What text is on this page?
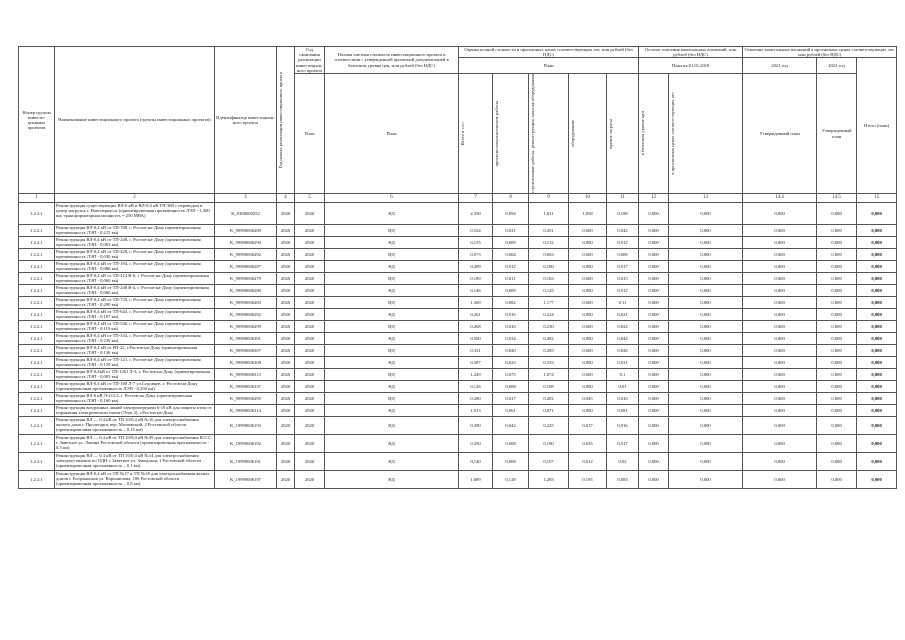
Номер группы инвести-ционных проектов	Наименование инвестиционного проекта (группы инвестиционных проектов)	Идентификатор инвестицион-ного проекта	Год начала реализации инвестиционного проекта	Год окончания реализации инвестицион-ного проекта	Полная сметная стоимость инвестиционного проекта в соответствии с утвержденной проектной документацией в базисном уровне цен, млн рублей (без НДС)	Оценка полной стоимости в прогнозных ценах соответствующих лет, млн рублей (без НДС)					Остаток освоения капитальных вложений, млн рублей (без НДС)		Освоение капитальных вложений в прогнозных ценах соответствующих лет, млн рублей (без НДС)		
						План					План на 01.01.2018		2021 год	2022 год	Итого (план)
				План	План	Всего в т.ч.:	проектно-изыскательские работы	строительные работы, реконструкция, монтаж оборудования	оборудование	прочие затраты	в базисном уровне цен	в прогнозных ценах соответствующих лет	Утвержденный план	Утвержденный план	
1	2	3	4	5	6	7	8	9	10	11	12	13	14.4	14.5	15
1.2.2.1	Реконструкция существующих ВЛ-6 кВ и ВЛ-0,4 кВ ТП-389 с переводом в центр нагрузок г. Новочеркасск (ориентировочная протяженность ЛЭП - 1,300 км; трансформаторная мощность = 250 МВА)	K_0300000252	2020	2020	НД	2,350	0,094	1,011	1,058	0,188	0,000	0,000	0,000	0,000	0,000
1.2.2.1	Реконструкция ВЛ-0,4 кВ от ТП-788, г. Ростов-на-Дону (ориентировочная протяженность ЛЭП - 0,215 км)	K_99990006289	2020	2020	НД	0,524	0,031	0,451	0,000	0,042	0,000	0,000	0,000	0,000	0,000
1.2.2.1	Реконструкция ВЛ-0,4 кВ от ТП-248, г. Ростов-на-Дону (ориентировочная протяженность ЛЭП - 0,063 км)	K_99990006290	2020	2020	НД	0,155	0,009	0,132	0,000	0,012	0,000	0,000	0,000	0,000	0,000
1.2.2.1	Реконструкция ВЛ-0,4 кВ от ТП-428, г. Ростов-на-Дону (ориентировочная протяженность ЛЭП - 0,030 км)	K_99990006292	2020	2020	НД	0,073	0,004	0,063	0,000	0,006	0,000	0,000	0,000	0,000	0,000
1.2.2.1	Реконструкция ВЛ-0,4 кВ от ТП-194, г. Ростов-на-Дону (ориентировочная протяженность ЛЭП - 0,086 км)	K_99990006287	2020	2020	НД	0,209	0,012	0,180	0,000	0,017	0,000	0,000	0,000	0,000	0,000
1.2.2.1	Реконструкция ВЛ-0,4 кВ от ТП-414 В-6, г. Ростов-на-Дону (ориентировочная протяженность ЛЭП - 0,060 км)	K_99990006279	2020	2020	НД	0,189	0,011	0,163	0,000	0,015	0,000	0,000	0,000	0,000	0,000
1.2.2.1	Реконструкция ВЛ-0,4 кВ от ТП-248 В-4, г. Ростов-на-Дону (ориентировочная протяженность ЛЭП - 0,060 км)	K_99990006280	2020	2020	НД	0,146	0,009	0,125	0,000	0,012	0,000	0,000	0,000	0,000	0,000
1.2.2.1	Реконструкция ВЛ-0,4 кВ от ТП-735, г. Ростов-на-Дону (ориентировочная протяженность ЛЭП - 0,290 км)	K_99990006283	2020	2020	НД	1,369	0,082	1,177	0,000	0,11	0,000	0,000	0,000	0,000	0,000
1.2.2.1	Реконструкция ВЛ-0,4 кВ от ТП-643, г. Ростов-на-Дону (ориентировочная протяженность ЛЭП - 0,107 км)	K_99990006282	2020	2020	НД	0,261	0,016	0,224	0,000	0,021	0,000	0,000	0,000	0,000	0,000
1.2.2.1	Реконструкция ВЛ-0,4 кВ от ТП-546, г. Ростов-на-Дону (ориентировочная протяженность ЛЭП - 0,110 км)	K_99990006299	2020	2020	НД	0,268	0,016	0,230	0,000	0,022	0,000	0,000	0,000	0,000	0,000
1.2.2.1	Реконструкция ВЛ-0,4 кВ от ТП-334, г. Ростов-на-Дону (ориентировочная протяженность ЛЭП - 0,239 км)	K_99990006301	2020	2020	НД	0,560	0,034	0,482	0,000	0,044	0,000	0,000	0,000	0,000	0,000
1.2.2.1	Реконструкция ВЛ-0,4 кВ от РП-22, г.Ростов-на-Дону (ориентировочная протяженность ЛЭП - 0,136 км)	K_99990006307	2020	2020	НД	0,331	0,020	0,285	0,000	0,026	0,000	0,000	0,000	0,000	0,000
1.2.2.1	Реконструкция ВЛ-0,4 кВ от ТП-121, г. Ростов-на-Дону (ориентировочная протяженность ЛЭП - 0,159 км)	K_99990006308	2020	2020	НД	0,387	0,023	0,333	0,000	0,031	0,000	0,000	0,000	0,000	0,000
1.2.2.1	Реконструкция ВЛ-0,4кВ от ТП-1361 Л-3, г. Ростов-на-Дону (ориентировочная протяженность ЛЭП - 0,083 км)	K_99990006315	2020	2020	НД	1,249	0,075	1,074	0,000	0,1	0,000	0,000	0,000	0,000	0,000
1.2.2.1	Реконструкция ВЛ-0,4 кВ от ТП-188 Л-7 ул.Седовцев, г. Ростов-на-Дону (ориентировочная протяженность ЛЭП - 0,230 км)	K_99990006337	2020	2020	НД	0,126	0,008	0,108	0,000	0,01	0,000	0,000	0,000	0,000	0,000
1.2.2.1	Реконструкция ВЛ-6 кВ Л-211/2, г. Ростов-на-Дону (ориентировочная протяженность ЛЭП - 0,160 км)	K_99990006295	2020	2020	НД	0,280	0,017	0,202	0,045	0,016	0,000	0,000	0,000	0,000	0,000
1.2.2.1	Реконструкция воздушных линий электропередачи 6-10 кВ для защиты птиц от поражения электрическим током (Этап 2), г.Ростов-на-Дону	K_99990006314	2020	2020	НД	1,013	0,061	0,871	0,000	0,081	0,000	0,000	0,000	0,000	0,000
1.2.2.1	Реконструкция ВЛ — 0,4 кВ от ТП 10/0,4 кВ №16 для электроснабжения жилого дома г. Пролетарск пер. Мазаевский, 2 Ростовской области (ориентировочная протяженность – 0,15 км)	K_19999006193	2020	2020	НД	0,390	0,042	0,225	0,017	0,016	0,000	0,000	0,000	0,000	0,000
1.2.2.1	Реконструкция ВЛ — 0,4 кВ от ТП 10/0,4 кВ №39 для электроснабжения БССС г. Заветное ул. Ленина Ростовской области (ориентировочная протяженность - 0,5 км)	K_19999006192	2020	2020	НД	0,250	0,008	0,190	0,035	0,017	0,000	0,000	0,000	0,000	0,000
1.2.2.1	Реконструкция ВЛ — 0,4 кВ от ТП 10/0,4 кВ №14 для электроснабжения электроустановок по ОДН г. Заветное ул. Заводская, 1 Ростовской области (ориентировочная протяженность – 0,1 км)	K_19999006191	2020	2020	НД	0,140	0,008	0,107	0,012	0,02	0,000	0,000	0,000	0,000	0,000
1.2.2.1	Реконструкция ВЛ-0,4 кВ от ТП №17 и ТП №18 для электроснабжения жилых домов г. Егорлыкская ул. Ворошилова, 106 Ростовской области (ориентировочная протяженность – 0,8 км)	K_19999006197	2020	2020	НД	1,689	0,128	1,283	0,195	0,083	0,000	0,000	0,000	0,000	0,000
